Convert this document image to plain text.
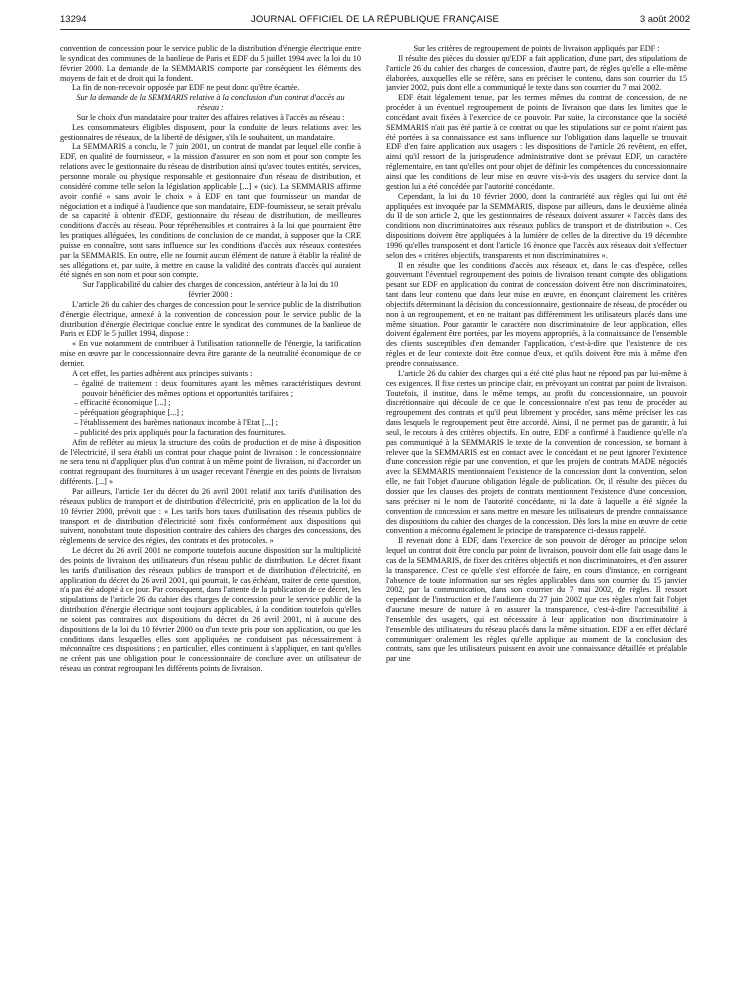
13294	JOURNAL OFFICIEL DE LA RÉPUBLIQUE FRANÇAISE	3 août 2002

convention de concession pour le service public de la distribution d'énergie électrique entre le syndicat des communes de la banlieue de Paris et EDF du 5 juillet 1994 avec la loi du 10 février 2000. La demande de la SEMMARIS comporte par conséquent les éléments des moyens de fait et de droit qui la fondent.

La fin de non-recevoir opposée par EDF ne peut donc qu'être écartée.

Sur la demande de la SEMMARIS relative à la conclusion d'un contrat d'accès au réseau :

Sur le choix d'un mandataire pour traiter des affaires relatives à l'accès au réseau :

Les consommateurs éligibles disposent, pour la conduite de leurs relations avec les gestionnaires de réseaux, de la liberté de désigner, s'ils le souhaitent, un mandataire.

La SEMMARIS a conclu, le 7 juin 2001, un contrat de mandat par lequel elle confie à EDF, en qualité de fournisseur, « la mission d'assurer en son nom et pour son compte les relations avec le gestionnaire du réseau de distribution ainsi qu'avec toutes entités, services, personne morale ou physique responsable et gestionnaire d'un réseau de distribution, et considéré comme telle selon la législation applicable [...] » (sic). La SEMMARIS affirme avoir confié « sans avoir le choix » à EDF en tant que fournisseur un mandat de négociation et a indiqué à l'audience que son mandataire, EDF-fournisseur, se serait prévalu de sa capacité à obtenir d'EDF, gestionnaire du réseau de distribution, de meilleures conditions d'accès au réseau. Pour répréhensibles et contraires à la loi que pourraient être les pratiques alléguées, les conditions de conclusion de ce mandat, à supposer que la CRE puisse en connaître, sont sans influence sur les conditions d'accès aux réseaux contestées par la SEMMARIS. En outre, elle ne fournit aucun élément de nature à établir la réalité de ses allégations et, par suite, à mettre en cause la validité des contrats d'accès qui auraient été signés en son nom et pour son compte.

Sur l'applicabilité du cahier des charges de concession, antérieur à la loi du 10 février 2000 :

L'article 26 du cahier des charges de concession pour le service public de la distribution d'énergie électrique, annexé à la convention de concession pour le service public de la distribution d'énergie électrique conclue entre le syndicat des communes de la banlieue de Paris et EDF le 5 juillet 1994, dispose :

« En vue notamment de contribuer à l'utilisation rationnelle de l'énergie, la tarification mise en œuvre par le concessionnaire devra être garante de la neutralité économique de ce dernier.

A cet effet, les parties adhèrent aux principes suivants :

– égalité de traitement : deux fournitures ayant les mêmes caractéristiques devront pouvoir bénéficier des mêmes options et opportunités tarifaires ;
– efficacité économique [...] ;
– péréquation géographique [...] ;
– l'établissement des barèmes nationaux incombe à l'Etat [...] ;
– publicité des prix appliqués pour la facturation des fournitures.

Afin de refléter au mieux la structure des coûts de production et de mise à disposition de l'électricité, il sera établi un contrat pour chaque point de livraison : le concessionnaire ne sera tenu ni d'appliquer plus d'un contrat à un même point de livraison, ni d'accorder un contrat regroupant des fournitures à un usager recevant l'énergie en des points de livraison différents. [...] »

Par ailleurs, l'article 1er du décret du 26 avril 2001 relatif aux tarifs d'utilisation des réseaux publics de transport et de distribution d'électricité, pris en application de la loi du 10 février 2000, prévoit que : « Les tarifs hors taxes d'utilisation des réseaux publics de transport et de distribution d'électricité sont fixés conformément aux dispositions qui suivent, nonobstant toute disposition contraire des cahiers des charges des concessions, des règlements de service des régies, des contrats et des protocoles. »

Le décret du 26 avril 2001 ne comporte toutefois aucune disposition sur la multiplicité des points de livraison des utilisateurs d'un réseau public de distribution. Le décret fixant les tarifs d'utilisation des réseaux publics de transport et de distribution d'électricité, en application du décret du 26 avril 2001, qui pourrait, le cas échéant, traiter de cette question, n'a pas été adopté à ce jour. Par conséquent, dans l'attente de la publication de ce décret, les stipulations de l'article 26 du cahier des charges de concession pour le service public de la distribution d'énergie électrique sont toujours applicables, à la condition toutefois qu'elles ne soient pas contraires aux dispositions du décret du 26 avril 2001, ni à aucune des dispositions de la loi du 10 février 2000 ou d'un texte pris pour son application, ou que les conditions dans lesquelles elles sont appliquées ne conduisent pas nécessairement à méconnaître ces dispositions ; en particulier, elles continuent à s'appliquer, en tant qu'elles ne créent pas une obligation pour le concessionnaire de conclure avec un utilisateur de réseau un contrat regroupant les différents points de livraison.

Sur les critères de regroupement de points de livraison appliqués par EDF :

Il résulte des pièces du dossier qu'EDF a fait application, d'une part, des stipulations de l'article 26 du cahier des charges de concession, d'autre part, de règles qu'elle a elle-même élaborées, auxquelles elle se réfère, sans en préciser le contenu, dans son courrier du 15 janvier 2002, puis dont elle a communiqué le texte dans son courrier du 7 mai 2002.

EDF était légalement tenue, par les termes mêmes du contrat de concession, de ne procéder à un éventuel regroupement de points de livraison que dans les limites que le concédant avait fixées à l'exercice de ce pouvoir. Par suite, la circonstance que la société SEMMARIS n'ait pas été partie à ce contrat ou que les stipulations sur ce point n'aient pas été portées à sa connaissance est sans influence sur l'obligation dans laquelle se trouvait EDF d'en faire application aux usagers : les dispositions de l'article 26 revêtent, en effet, ainsi qu'il ressort de la jurisprudence administrative dont se prévaut EDF, un caractère réglementaire, en tant qu'elles ont pour objet de définir les compétences du concessionnaire ainsi que les conditions de leur mise en œuvre vis-à-vis des usagers du service dont la gestion lui a été concédée par l'autorité concédante.

Cependant, la loi du 10 février 2000, dont la contrariété aux règles qui lui ont été appliquées est invoquée par la SEMMARIS, dispose par ailleurs, dans le deuxième alinéa du II de son article 2, que les gestionnaires de réseaux doivent assurer « l'accès dans des conditions non discriminatoires aux réseaux publics de transport et de distribution ». Ces dispositions doivent être appliquées à la lumière de celles de la directive du 19 décembre 1996 qu'elles transposent et dont l'article 16 énonce que l'accès aux réseaux doit s'effectuer selon des « critères objectifs, transparents et non discriminatoires ».

Il en résulte que les conditions d'accès aux réseaux et, dans le cas d'espèce, celles gouvernant l'éventuel regroupement des points de livraison tenant compte des obligations pesant sur EDF en application du contrat de concession doivent être non discriminatoires, tant dans leur contenu que dans leur mise en œuvre, en énonçant clairement les critères objectifs déterminant la décision du concessionnaire, gestionnaire de réseau, de procéder ou non à un regroupement, et en ne traitant pas différemment les utilisateurs placés dans une même situation. Pour garantir le caractère non discriminatoire de leur application, elles doivent également être portées, par les moyens appropriés, à la connaissance de l'ensemble des clients susceptibles d'en demander l'application, c'est-à-dire que l'existence de ces règles et de leur contexte doit être connue d'eux, et qu'ils doivent être mis à même d'en prendre connaissance.

L'article 26 du cahier des charges qui a été cité plus haut ne répond pas par lui-même à ces exigences. Il fixe certes un principe clair, en prévoyant un contrat par point de livraison. Toutefois, il institue, dans le même temps, au profit du concessionnaire, un pouvoir discrétionnaire qui découle de ce que le concessionnaire n'est pas tenu de procéder au regroupement des contrats et qu'il peut librement y procéder, sans même préciser les cas dans lesquels le regroupement peut être accordé. Ainsi, il ne permet pas de garantir, à lui seul, le recours à des critères objectifs. En outre, EDF a confirmé à l'audience qu'elle n'a pas communiqué à la SEMMARIS le texte de la convention de concession, se bornant à relever que la SEMMARIS est en contact avec le concédant et ne peut ignorer l'existence d'une concession régie par une convention, et que les projets de contrats MADE négociés avec la SEMMARIS mentionnaient l'existence de la concession dont la convention, selon elle, ne fait l'objet d'aucune obligation légale de publication. Or, il résulte des pièces du dossier que les clauses des projets de contrats mentionnent l'existence d'une concession, sans préciser ni le nom de l'autorité concédante, ni la date à laquelle a été signée la convention de concession et sans mettre en mesure les utilisateurs de prendre connaissance des dispositions du cahier des charges de la concession. Dès lors la mise en œuvre de cette convention a méconnu également le principe de transparence ci-dessus rappelé.

Il revenait donc à EDF, dans l'exercice de son pouvoir de déroger au principe selon lequel un contrat doit être conclu par point de livraison, pouvoir dont elle fait usage dans le cas de la SEMMARIS, de fixer des critères objectifs et non discriminatoires, et d'en assurer la transparence. C'est ce qu'elle s'est efforcée de faire, en cours d'instance, en corrigeant l'absence de toute information sur ses règles applicables dans son courrier du 15 janvier 2002, par la communication, dans son courrier du 7 mai 2002, de règles. Il ressort cependant de l'instruction et de l'audience du 27 juin 2002 que ces règles n'ont fait l'objet d'aucune mesure de nature à en assurer la transparence, c'est-à-dire l'accessibilité à l'ensemble des usagers, qui est nécessaire à leur application non discriminatoire à l'ensemble des utilisateurs du réseau placés dans la même situation. EDF a en effet déclaré communiquer oralement les règles qu'elle applique au moment de la conclusion des contrats, sans que les utilisateurs puissent en avoir une connaissance détaillée et préalable par une
